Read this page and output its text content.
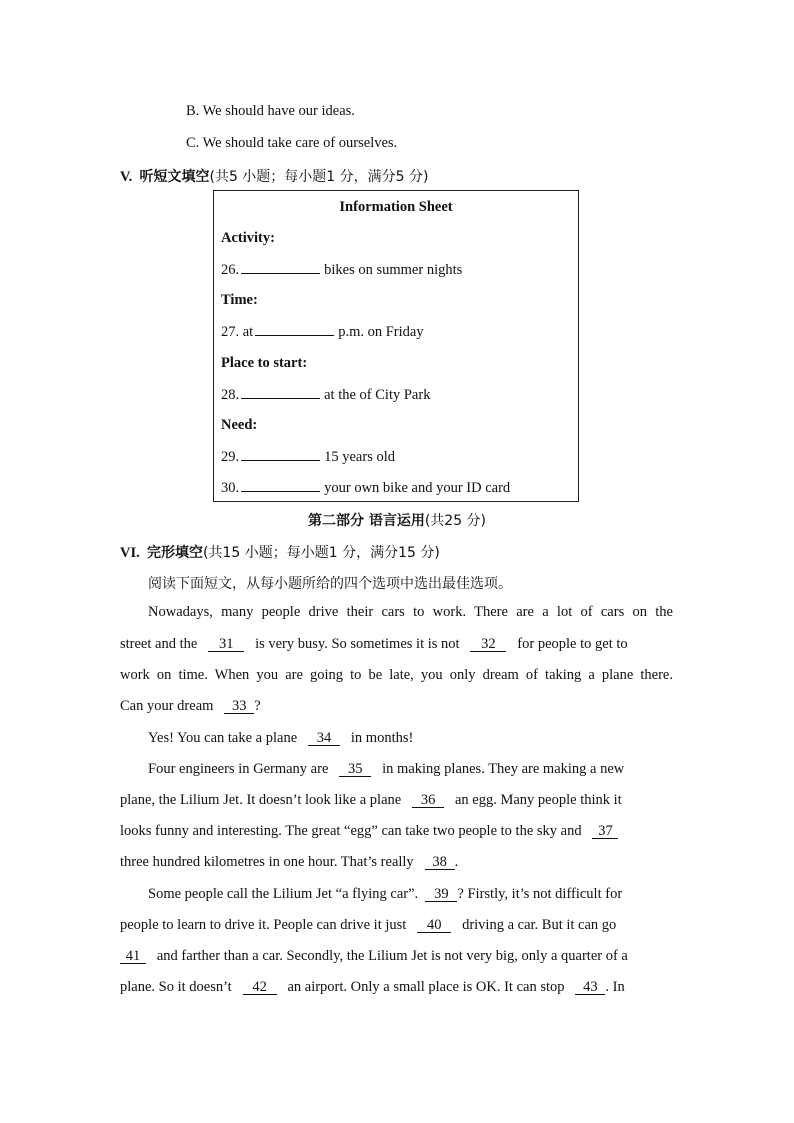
B. We should have our ideas.
C. We should take care of ourselves.
V. 听短文填空(共5 小题；每小题1 分，满分5 分)
Information Sheet
Activity:
26.	bikes on summer nights
Time:
27. at	p.m. on Friday
Place to start:
28.	at the of City Park
Need:
29.	15 years old
30.	your own bike and your ID card
第二部分 语言运用(共25 分)
VI. 完形填空(共15 小题；每小题1 分，满分15 分)
阅读下面短文，从每小题所给的四个选项中选出最佳选项。
Nowadays, many people drive their cars to work. There are a lot of cars on the
street and the 31 is very busy. So sometimes it is not 32 for people to get to
work on time. When you are going to be late, you only dream of taking a plane there.
Can your dream 33 ?
Yes! You can take a plane 34 in months!
Four engineers in Germany are 35 in making planes. They are making a new
plane, the Lilium Jet. It doesn’t look like a plane 36 an egg. Many people think it
looks funny and interesting. The great “egg” can take two people to the sky and 37
three hundred kilometres in one hour. That’s really 38 .
Some people call the Lilium Jet “a flying car”. 39 ? Firstly, it’s not difficult for
people to learn to drive it. People can drive it just 40 driving a car. But it can go
41 and farther than a car. Secondly, the Lilium Jet is not very big, only a quarter of a
plane. So it doesn’t 42 an airport. Only a small place is OK. It can stop 43 . In
